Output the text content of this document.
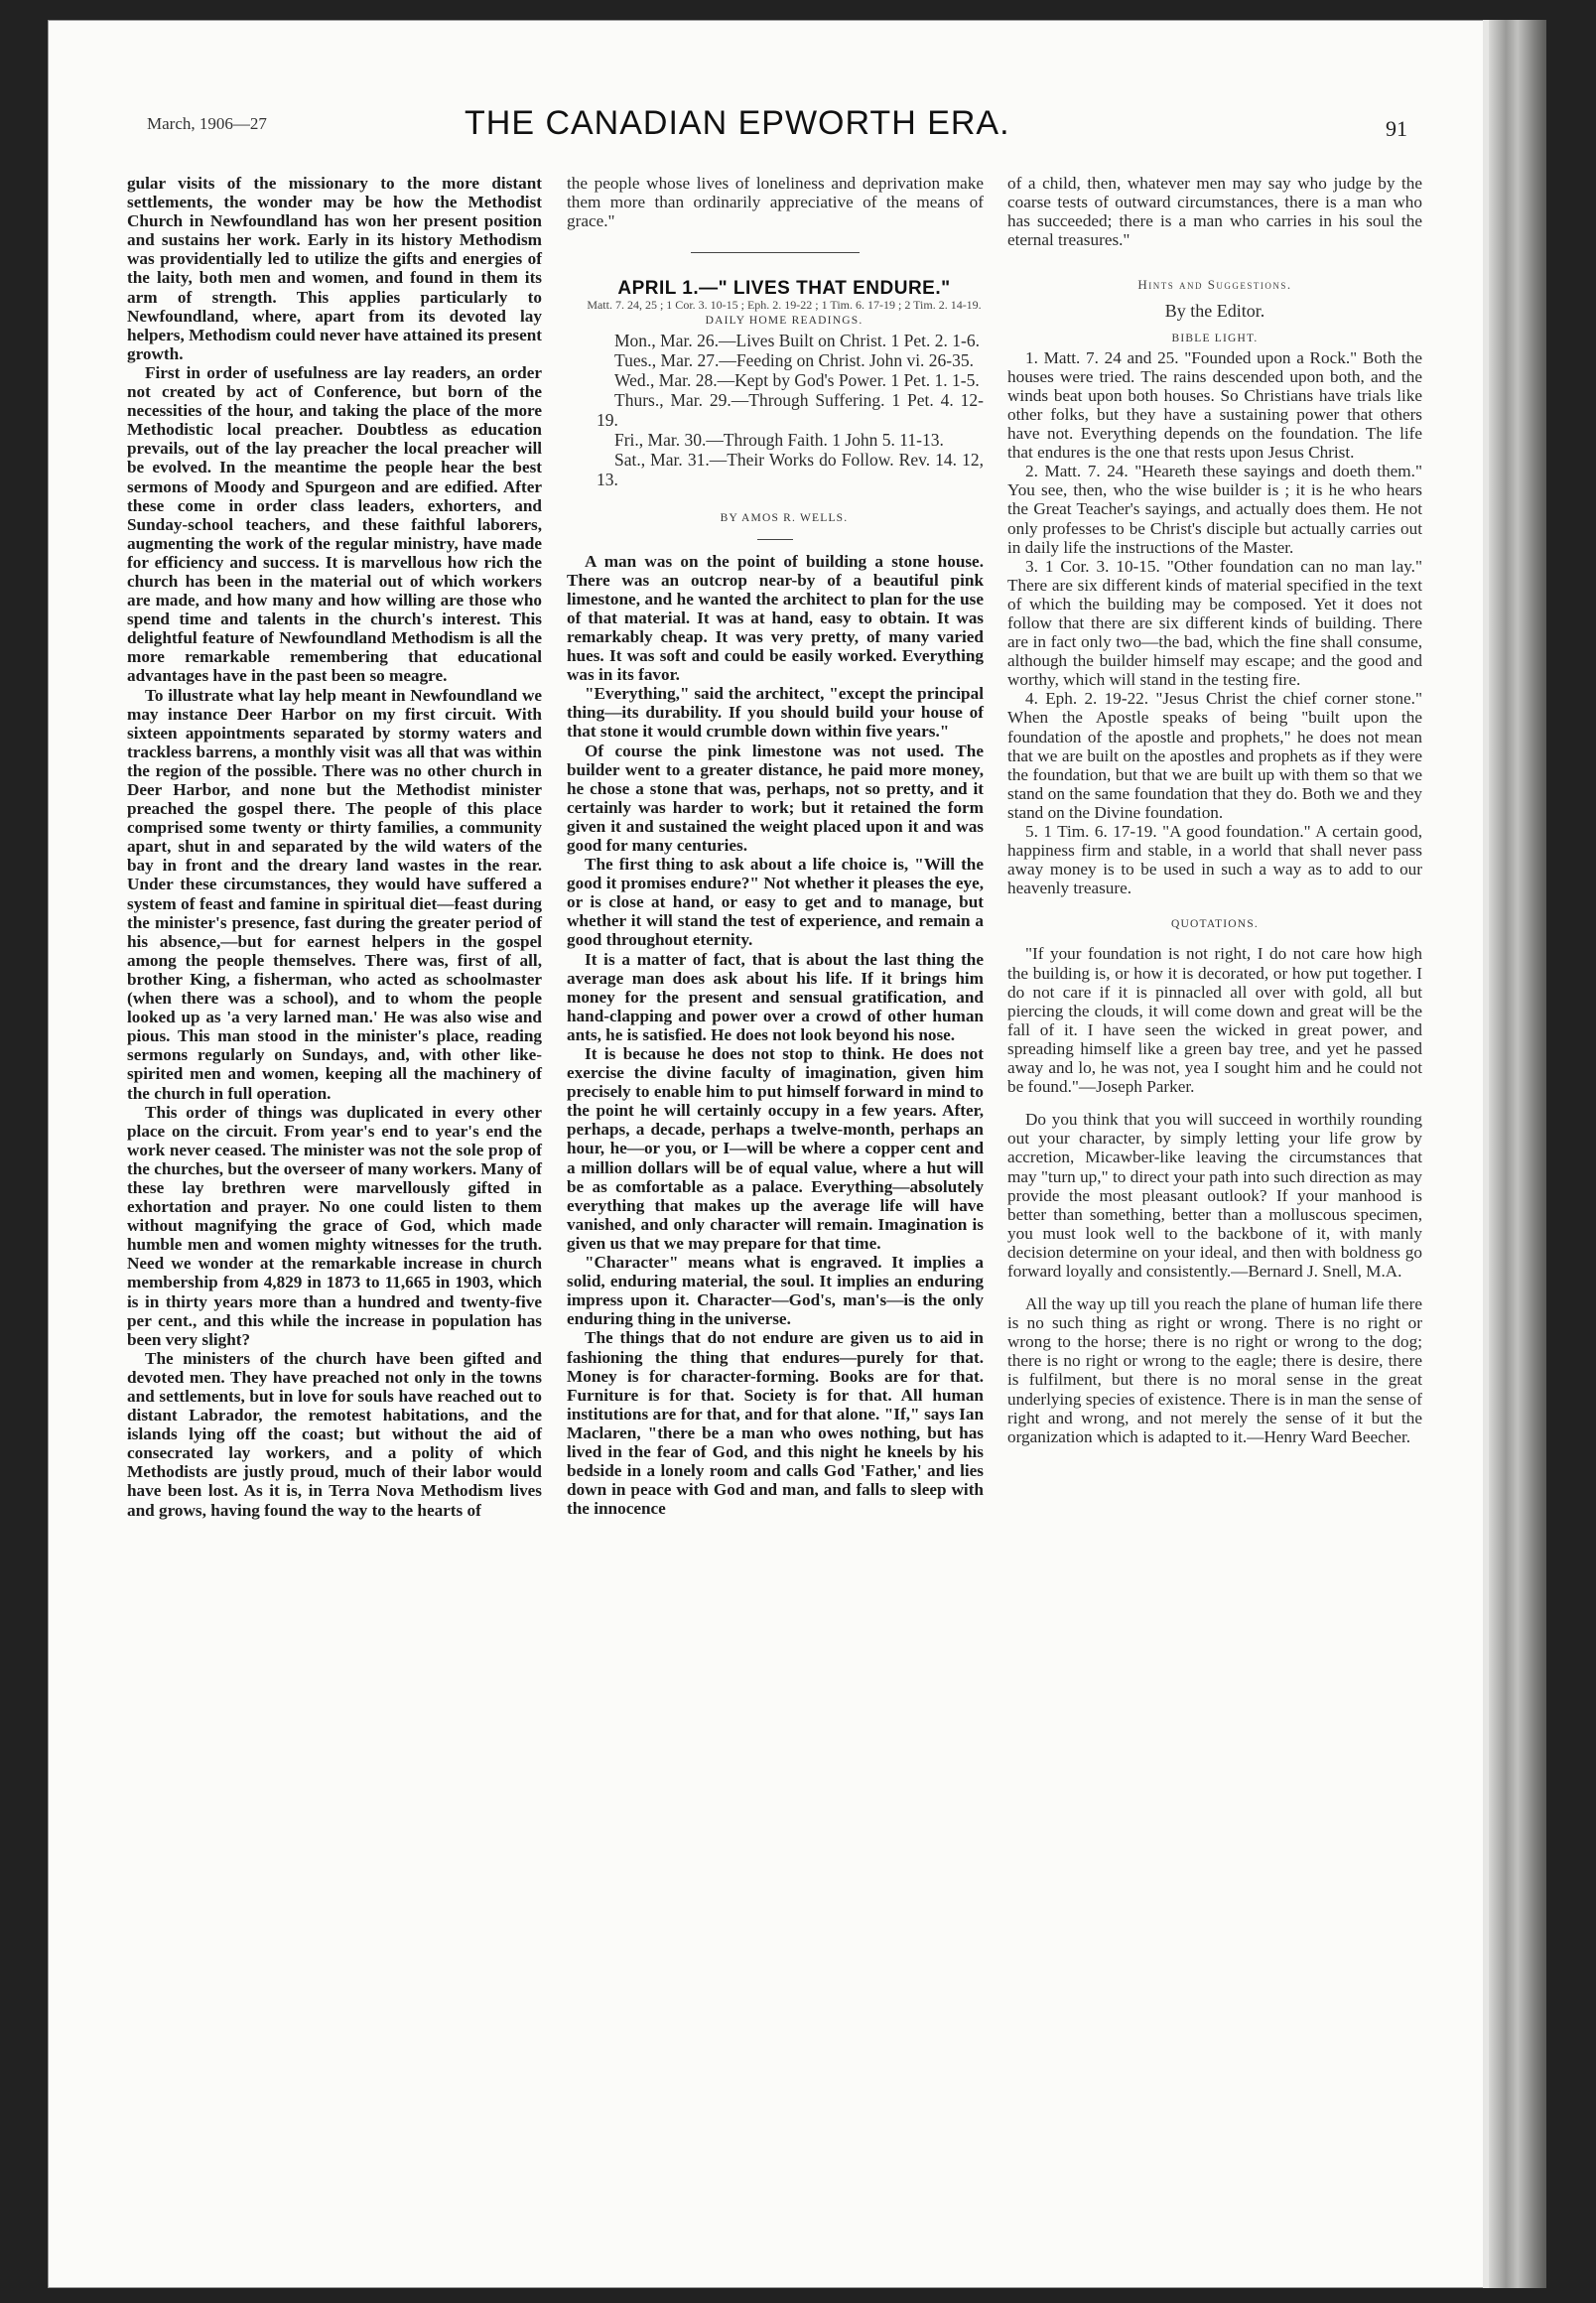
March, 1906—27	THE CANADIAN EPWORTH ERA.	91

gular visits of the missionary to the more distant settlements, the wonder may be how the Methodist Church in Newfoundland has won her present position and sustains her work. Early in its history Methodism was providentially led to utilize the gifts and energies of the laity, both men and women, and found in them its arm of strength. This applies particularly to Newfoundland, where, apart from its devoted lay helpers, Methodism could never have attained its present growth.

First in order of usefulness are lay readers, an order not created by act of Conference, but born of the necessities of the hour, and taking the place of the more Methodistic local preacher. Doubtless as education prevails, out of the lay preacher the local preacher will be evolved. In the meantime the people hear the best sermons of Moody and Spurgeon and are edified. After these come in order class leaders, exhorters, and Sunday-school teachers, and these faithful laborers, augmenting the work of the regular ministry, have made for efficiency and success. It is marvellous how rich the church has been in the material out of which workers are made, and how many and how willing are those who spend time and talents in the church's interest. This delightful feature of Newfoundland Methodism is all the more remarkable remembering that educational advantages have in the past been so meagre.

To illustrate what lay help meant in Newfoundland we may instance Deer Harbor on my first circuit. With sixteen appointments separated by stormy waters and trackless barrens, a monthly visit was all that was within the region of the possible. There was no other church in Deer Harbor, and none but the Methodist minister preached the gospel there. The people of this place comprised some twenty or thirty families, a community apart, shut in and separated by the wild waters of the bay in front and the dreary land wastes in the rear. Under these circumstances, they would have suffered a system of feast and famine in spiritual diet—feast during the minister's presence, fast during the greater period of his absence,—but for earnest helpers in the gospel among the people themselves. There was, first of all, brother King, a fisherman, who acted as schoolmaster (when there was a school), and to whom the people looked up as 'a very larned man.' He was also wise and pious. This man stood in the minister's place, reading sermons regularly on Sundays, and, with other like-spirited men and women, keeping all the machinery of the church in full operation.

This order of things was duplicated in every other place on the circuit. From year's end to year's end the work never ceased. The minister was not the sole prop of the churches, but the overseer of many workers. Many of these lay brethren were marvellously gifted in exhortation and prayer. No one could listen to them without magnifying the grace of God, which made humble men and women mighty witnesses for the truth. Need we wonder at the remarkable increase in church membership from 4,829 in 1873 to 11,665 in 1903, which is in thirty years more than a hundred and twenty-five per cent., and this while the increase in population has been very slight?

The ministers of the church have been gifted and devoted men. They have preached not only in the towns and settlements, but in love for souls have reached out to distant Labrador, the remotest habitations, and the islands lying off the coast; but without the aid of consecrated lay workers, and a polity of which Methodists are justly proud, much of their labor would have been lost. As it is, in Terra Nova Methodism lives and grows, having found the way to the hearts of

the people whose lives of loneliness and deprivation make them more than ordinarily appreciative of the means of grace."

APRIL 1.—" LIVES THAT ENDURE."

Matt. 7. 24, 25 ; 1 Cor. 3. 10-15 ; Eph. 2. 19-22 ; 1 Tim. 6. 17-19 ; 2 Tim. 2. 14-19.

DAILY HOME READINGS.

Mon., Mar. 26.—Lives Built on Christ. 1 Pet. 2. 1-6.

Tues., Mar. 27.—Feeding on Christ. John vi. 26-35.

Wed., Mar. 28.—Kept by God's Power. 1 Pet. 1. 1-5.

Thurs., Mar. 29.—Through Suffering. 1 Pet. 4. 12-19.

Fri., Mar. 30.—Through Faith. 1 John 5. 11-13.

Sat., Mar. 31.—Their Works do Follow. Rev. 14. 12, 13.

BY AMOS R. WELLS.

A man was on the point of building a stone house. There was an outcrop near-by of a beautiful pink limestone, and he wanted the architect to plan for the use of that material. It was at hand, easy to obtain. It was remarkably cheap. It was very pretty, of many varied hues. It was soft and could be easily worked. Everything was in its favor.

"Everything," said the architect, "except the principal thing—its durability. If you should build your house of that stone it would crumble down within five years."

Of course the pink limestone was not used. The builder went to a greater distance, he paid more money, he chose a stone that was, perhaps, not so pretty, and it certainly was harder to work; but it retained the form given it and sustained the weight placed upon it and was good for many centuries.

The first thing to ask about a life choice is, "Will the good it promises endure?" Not whether it pleases the eye, or is close at hand, or easy to get and to manage, but whether it will stand the test of experience, and remain a good throughout eternity.

It is a matter of fact, that is about the last thing the average man does ask about his life. If it brings him money for the present and sensual gratification, and hand-clapping and power over a crowd of other human ants, he is satisfied. He does not look beyond his nose.

It is because he does not stop to think. He does not exercise the divine faculty of imagination, given him precisely to enable him to put himself forward in mind to the point he will certainly occupy in a few years. After, perhaps, a decade, perhaps a twelve-month, perhaps an hour, he—or you, or I—will be where a copper cent and a million dollars will be of equal value, where a hut will be as comfortable as a palace. Everything—absolutely everything that makes up the average life will have vanished, and only character will remain. Imagination is given us that we may prepare for that time.

"Character" means what is engraved. It implies a solid, enduring material, the soul. It implies an enduring impress upon it. Character—God's, man's—is the only enduring thing in the universe.

The things that do not endure are given us to aid in fashioning the thing that endures—purely for that. Money is for character-forming. Books are for that. Furniture is for that. Society is for that. All human institutions are for that, and for that alone. "If," says Ian Maclaren, "there be a man who owes nothing, but has lived in the fear of God, and this night he kneels by his bedside in a lonely room and calls God 'Father,' and lies down in peace with God and man, and falls to sleep with the innocence

of a child, then, whatever men may say who judge by the coarse tests of outward circumstances, there is a man who has succeeded; there is a man who carries in his soul the eternal treasures."

Hints and Suggestions.

By the Editor.

BIBLE LIGHT.

1. Matt. 7. 24 and 25. "Founded upon a Rock." Both the houses were tried. The rains descended upon both, and the winds beat upon both houses. So Christians have trials like other folks, but they have a sustaining power that others have not. Everything depends on the foundation. The life that endures is the one that rests upon Jesus Christ.

2. Matt. 7. 24. "Heareth these sayings and doeth them." You see, then, who the wise builder is ; it is he who hears the Great Teacher's sayings, and actually does them. He not only professes to be Christ's disciple but actually carries out in daily life the instructions of the Master.

3. 1 Cor. 3. 10-15. "Other foundation can no man lay." There are six different kinds of material specified in the text of which the building may be composed. Yet it does not follow that there are six different kinds of building. There are in fact only two—the bad, which the fine shall consume, although the builder himself may escape; and the good and worthy, which will stand in the testing fire.

4. Eph. 2. 19-22. "Jesus Christ the chief corner stone." When the Apostle speaks of being "built upon the foundation of the apostle and prophets," he does not mean that we are built on the apostles and prophets as if they were the foundation, but that we are built up with them so that we stand on the same foundation that they do. Both we and they stand on the Divine foundation.

5. 1 Tim. 6. 17-19. "A good foundation." A certain good, happiness firm and stable, in a world that shall never pass away money is to be used in such a way as to add to our heavenly treasure.

QUOTATIONS.

"If your foundation is not right, I do not care how high the building is, or how it is decorated, or how put together. I do not care if it is pinnacled all over with gold, all but piercing the clouds, it will come down and great will be the fall of it. I have seen the wicked in great power, and spreading himself like a green bay tree, and yet he passed away and lo, he was not, yea I sought him and he could not be found."—Joseph Parker.

Do you think that you will succeed in worthily rounding out your character, by simply letting your life grow by accretion, Micawber-like leaving the circumstances that may "turn up," to direct your path into such direction as may provide the most pleasant outlook? If your manhood is better than something, better than a molluscous specimen, you must look well to the backbone of it, with manly decision determine on your ideal, and then with boldness go forward loyally and consistently.—Bernard J. Snell, M.A.

All the way up till you reach the plane of human life there is no such thing as right or wrong. There is no right or wrong to the horse; there is no right or wrong to the dog; there is no right or wrong to the eagle; there is desire, there is fulfilment, but there is no moral sense in the great underlying species of existence. There is in man the sense of right and wrong, and not merely the sense of it but the organization which is adapted to it.—Henry Ward Beecher.
